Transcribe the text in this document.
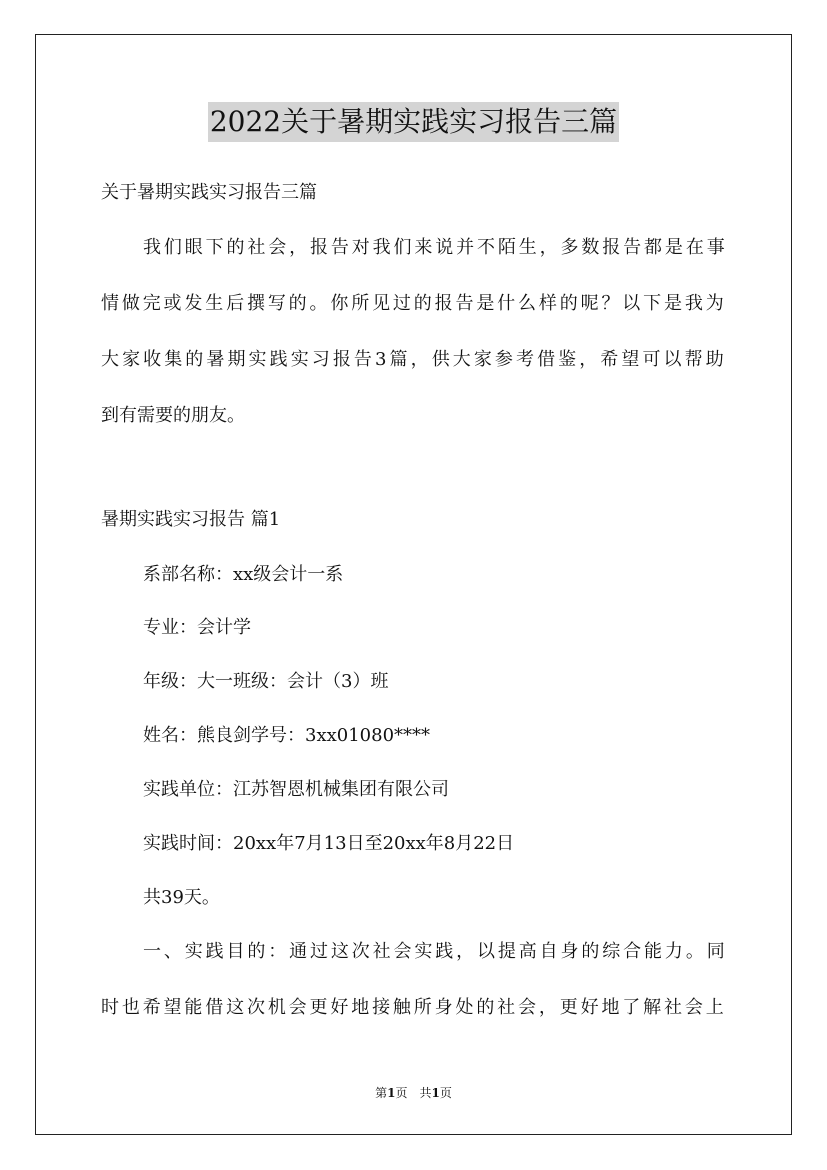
2022关于暑期实践实习报告三篇
关于暑期实践实习报告三篇
我们眼下的社会，报告对我们来说并不陌生，多数报告都是在事
情做完或发生后撰写的。你所见过的报告是什么样的呢？以下是我为
大家收集的暑期实践实习报告3篇，供大家参考借鉴，希望可以帮助
到有需要的朋友。
暑期实践实习报告 篇1
系部名称：xx级会计一系
专业：会计学
年级：大一班级：会计（3）班
姓名：熊良剑学号：3xx01080****
实践单位：江苏智恩机械集团有限公司
实践时间：20xx年7月13日至20xx年8月22日
共39天。
一、实践目的：通过这次社会实践，以提高自身的综合能力。同
时也希望能借这次机会更好地接触所身处的社会，更好地了解社会上
第1页　共1页
